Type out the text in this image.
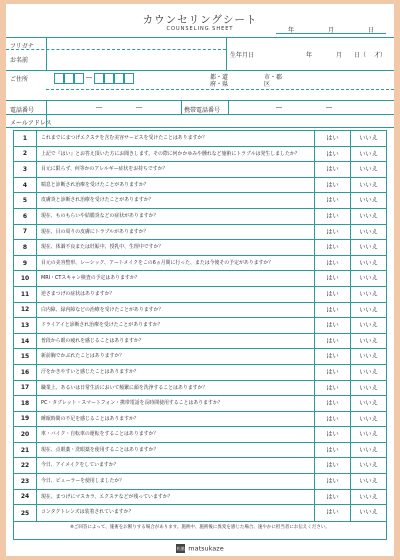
カウンセリングシート
COUNSELING SHEET	年	月	日
フリガナ
お名前
生年月日	年	月 日（ 才）
ご住所	―	都・道
府・県
市・郡
区
電話番号	―	―	携帯電話番号	―	―
メールアドレス
1	これまでにまつげエクステを含む美容サービスを受けたことはありますか？	はい	いいえ
2	上記で『はい』とお答え頂いた方にお聞きします。その際に何かかゆみや腫れなど施術にトラブルは発生しましたか？	はい	いいえ
3	目元に限らず、何等かのアレルギー症状をお持ちですか？	はい	いいえ
4	喘息と診断され治療を受けたことがありますか？	はい	いいえ
5	皮膚炎と診断され治療を受けたことがありますか？	はい	いいえ
6	現在、ものもらいや結膜炎などの症状がありますか？	はい	いいえ
7	現在、目の周りの皮膚にトラブルがありますか？	はい	いいえ
8	現在、体調不良または妊娠中、授乳中、生理中ですか？	はい	いいえ
9	目元の美容整形、レーシック、アートメイクをこの6ヵ月間に行った、または今後その予定がありますか？	はい	いいえ
10	MRI・CTスキャン検査の予定はありますか？	はい	いいえ
11	逆さまつげの症状はありますか？	はい	いいえ
12	白内障、緑内障などの治療を受けたことがありますか？	はい	いいえ
13	ドライアイと診断され治療を受けたことがありますか？	はい	いいえ
14	普段から眼の疲れを感じることはありますか？	はい	いいえ
15	新前胸でかぶれたことはありますか？	はい	いいえ
16	汗をかきやすいと感じたことはありますか？	はい	いいえ
17	職業上、あるいは日常生活において頻繁に顔を洗浄することはありますか？	はい	いいえ
18	PC・タブレット・スマートフォン・携帯電話を長時間使用することはありますか？	はい	いいえ
19	睡眠時間の不足を感じることはありますか？	はい	いいえ
20	車・バイク・自転車の運転をすることはありますか？	はい	いいえ
21	現在、点眼薬・洗眼薬を使用することはありますか？	はい	いいえ
22	今日、アイメイクをしていますか？	はい	いいえ
23	今日、ビューラーを使用しましたか？	はい	いいえ
24	現在、まつげにマスカラ、エクステなどが残っていますか？	はい	いいえ
25	コンタクトレンズは装着されていますか？	はい	いいえ
※ご回答によって、施術をお断りする場合があります。施術中、施術後に異変を感じた場合、速やかに担当者にお伝えください。
松風 matsukaze
